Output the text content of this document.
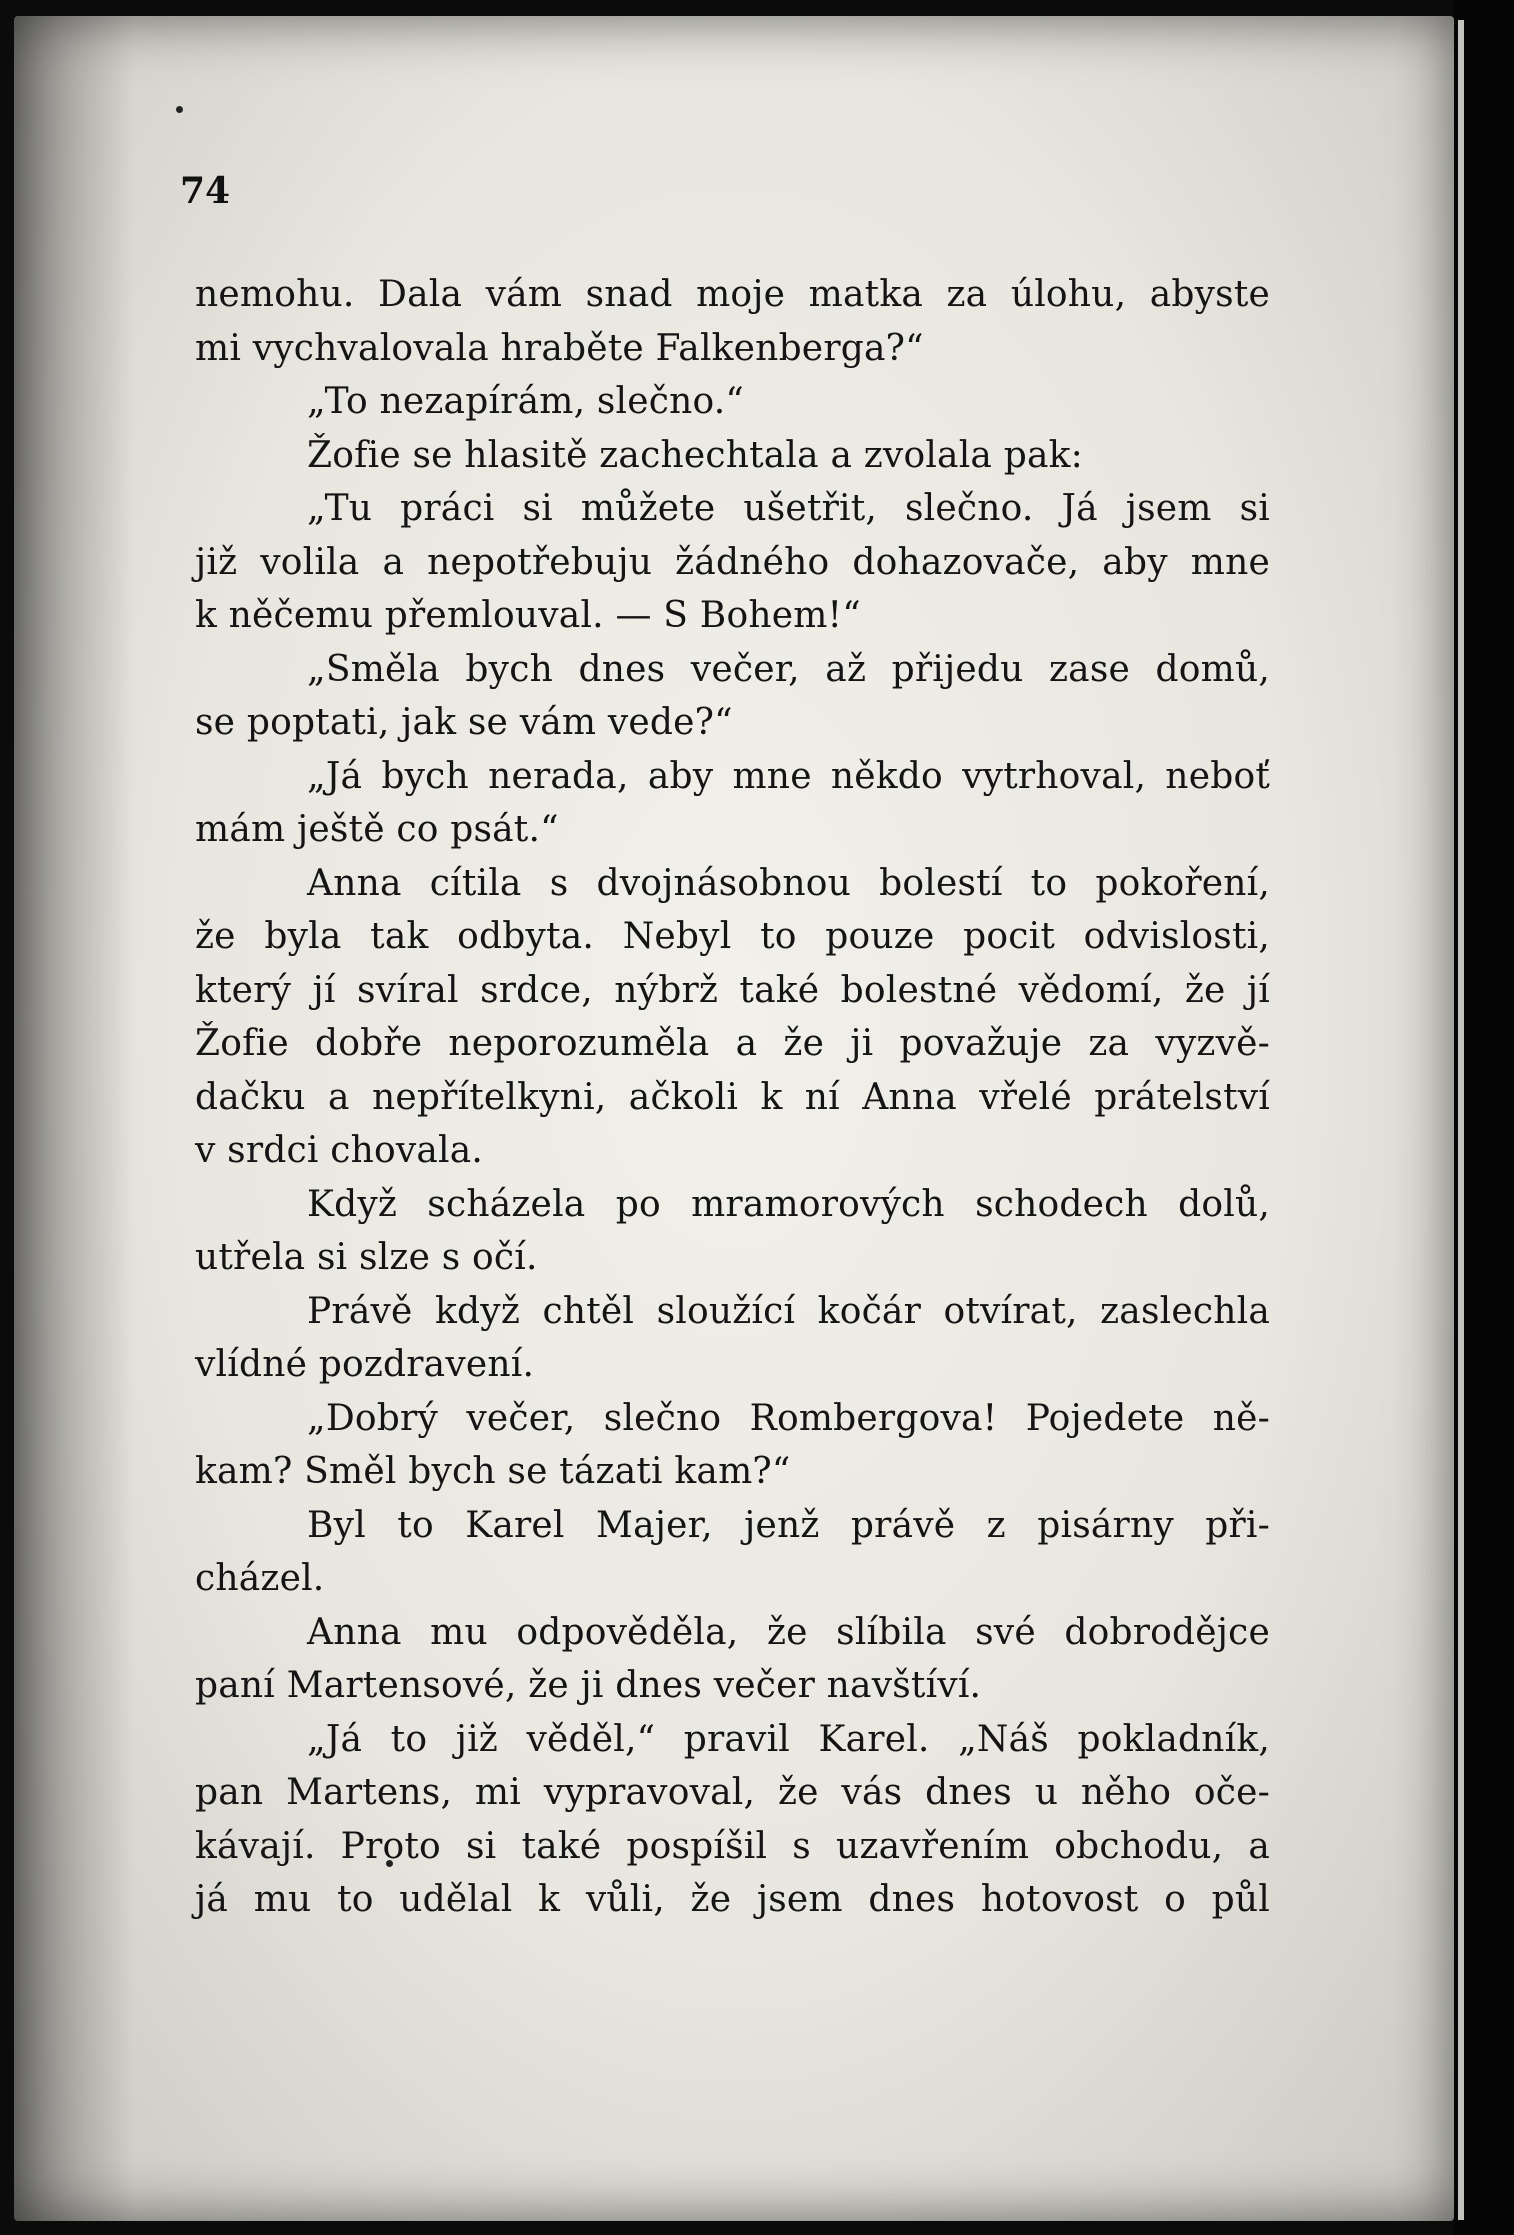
74
nemohu. Dala vám snad moje matka za úlohu, abyste
mi vychvalovala hraběte Falkenberga?“
„To nezapírám, slečno.“
Žofie se hlasitě zachechtala a zvolala pak:
„Tu práci si můžete ušetřit, slečno. Já jsem si
již volila a nepotřebuju žádného dohazovače, aby mne
k něčemu přemlouval. — S Bohem!“
„Směla bych dnes večer, až přijedu zase domů,
se poptati, jak se vám vede?“
„Já bych nerada, aby mne někdo vytrhoval, neboť
mám ještě co psát.“
Anna cítila s dvojnásobnou bolestí to pokoření,
že byla tak odbyta. Nebyl to pouze pocit odvislosti,
který jí svíral srdce, nýbrž také bolestné vědomí, že jí
Žofie dobře neporozuměla a že ji považuje za vyzvě-
dačku a nepřítelkyni, ačkoli k ní Anna vřelé prátelství
v srdci chovala.
Když scházela po mramorových schodech dolů,
utřela si slze s očí.
Právě když chtěl sloužící kočár otvírat, zaslechla
vlídné pozdravení.
„Dobrý večer, slečno Rombergova! Pojedete ně-
kam? Směl bych se tázati kam?“
Byl to Karel Majer, jenž právě z pisárny při-
cházel.
Anna mu odpověděla, že slíbila své dobrodějce
paní Martensové, že ji dnes večer navštíví.
„Já to již věděl,“ pravil Karel. „Náš pokladník,
pan Martens, mi vypravoval, že vás dnes u něho oče-
kávají. Proto si také pospíšil s uzavřením obchodu, a
já mu to udělal k vůli, že jsem dnes hotovost o půl
